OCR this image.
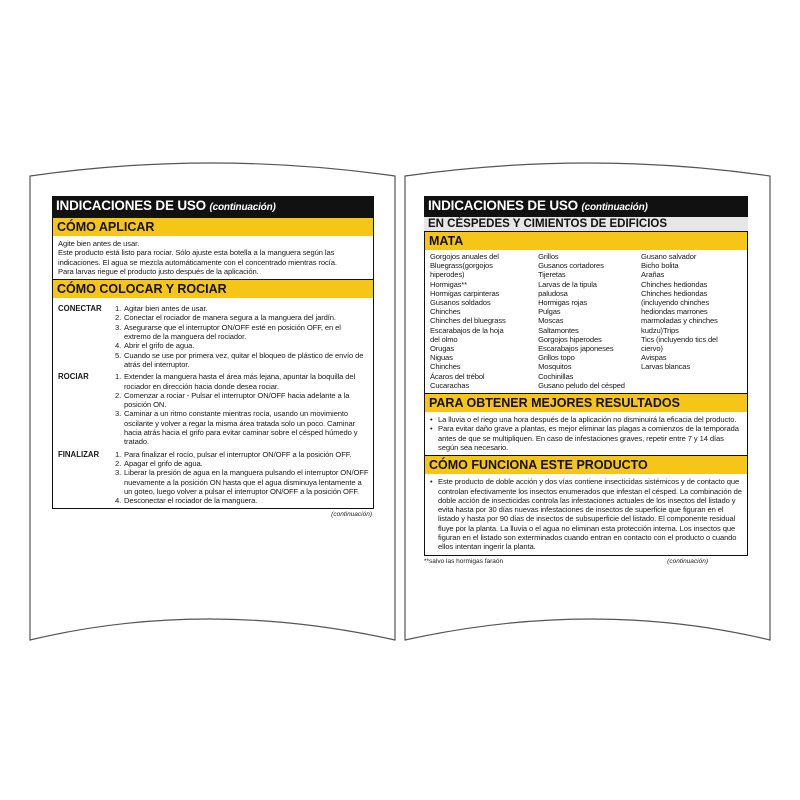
INDICACIONES DE USO (continuación)
CÓMO APLICAR
Agite bien antes de usar.
Este producto está listo para rociar. Sólo ajuste esta botella a la manguera según las indicaciones. El agua se mezcla automáticamente con el concentrado mientras rocía.
Para larvas riegue el producto justo después de la aplicación.
CÓMO COLOCAR Y ROCIAR
CONECTAR	1. Agitar bien antes de usar.
2. Conectar el rociador de manera segura a la manguera del jardín.
3. Asegurarse que el interruptor ON/OFF esté en posición OFF, en el extremo de la manguera del rociador.
4. Abrir el grifo de agua.
5. Cuando se use por primera vez, quitar el bloqueo de plástico de envío de atrás del interruptor.
ROCIAR	1. Extender la manguera hasta el área más lejana, apuntar la boquilla del rociador en dirección hacia donde desea rociar.
2. Comenzar a rociar - Pulsar el interruptor ON/OFF hacia adelante a la posición ON.
3. Caminar a un ritmo constante mientras rocía, usando un movimiento oscilante y volver a regar la misma área tratada solo un poco. Caminar hacia atrás hacia el grifo para evitar caminar sobre el césped húmedo y tratado.
FINALIZAR	1. Para finalizar el rocío, pulsar el interruptor ON/OFF a la posición OFF.
2. Apagar el grifo de agua.
3. Liberar la presión de agua en la manguera pulsando el interruptor ON/OFF nuevamente a la posición ON hasta que el agua disminuya lentamente a un goteo, luego volver a pulsar el interruptor ON/OFF a la posición OFF.
4. Desconectar el rociador de la manguera.
(continuación)
INDICACIONES DE USO (continuación)
EN CÉSPEDES Y CIMIENTOS DE EDIFICIOS
MATA
Gorgojos anuales del
Bluegrass(gorgojos
hiperodes)
Hormigas**
Hormigas carpinteras
Gusanos soldados
Chinches
Chinches del bluegrass
Escarabajos de la hoja
del olmo
Orugas
Niguas
Chinches
Ácaros del trébol
Cucarachas
Grillos
Gusanos cortadores
Tijeretas
Larvas de la tipula
paludosa
Hormigas rojas
Pulgas
Moscas
Saltamontes
Gorgojos hiperodes
Escarabajos japoneses
Grillos topo
Mosquitos
Cochinillas
Gusano peludo del césped
Gusano salvador
Bicho bolita
Arañas
Chinches hediondas
Chinches hediondas
(incluyendo chinches
hediondas marrones
marmoladas y chinches
kudzu)Trips
Tics (incluyendo tics del
ciervo)
Avispas
Larvas blancas
PARA OBTENER MEJORES RESULTADOS
• La lluvia o el riego una hora después de la aplicación no disminuirá la eficacia del producto.
• Para evitar daño grave a plantas, es mejor eliminar las plagas a comienzos de la temporada antes de que se multipliquen. En caso de infestaciones graves, repetir entre 7 y 14 días según sea necesario.
CÓMO FUNCIONA ESTE PRODUCTO
• Este producto de doble acción y dos vías contiene insecticidas sistémicos y de contacto que controlan efectivamente los insectos enumerados que infestan el césped. La combinación de doble acción de insecticidas controla las infestaciones actuales de los insectos del listado y evita hasta por 30 días nuevas infestaciones de insectos de superficie que figuran en el listado y hasta por 90 días de insectos de subsuperficie del listado. El componente residual fluye por la planta. La lluvia o el agua no eliminan esta protección interna. Los insectos que figuran en el listado son exterminados cuando entran en contacto con el producto o cuando ellos intentan ingerir la planta.
**salvo las hormigas faraón	(continuación)
